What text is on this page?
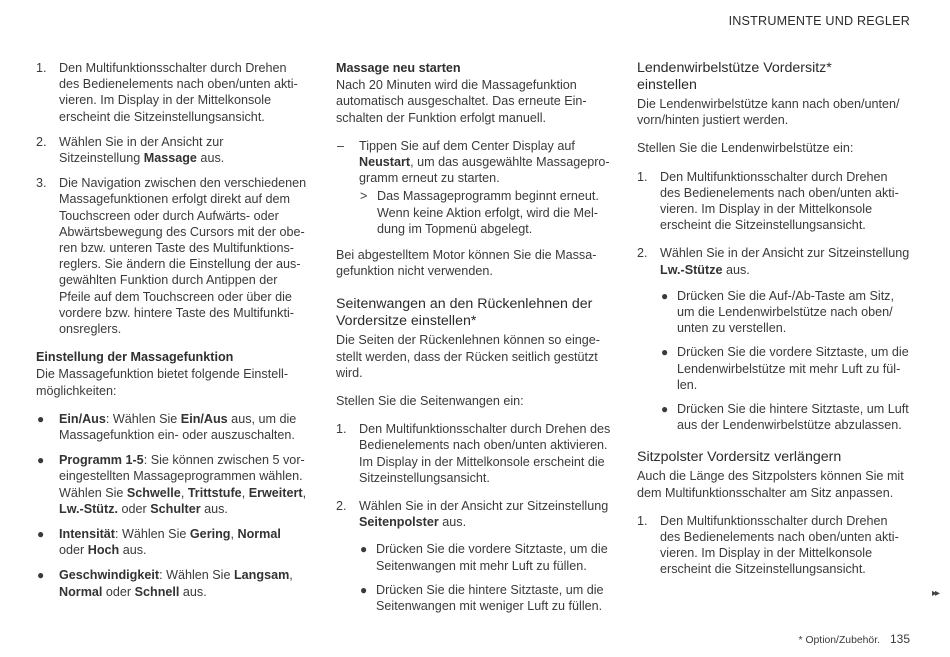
INSTRUMENTE UND REGLER
1. Den Multifunktionsschalter durch Drehen des Bedienelements nach oben/unten aktivieren. Im Display in der Mittelkonsole erscheint die Sitzeinstellungsansicht.
2. Wählen Sie in der Ansicht zur Sitzeinstellung Massage aus.
3. Die Navigation zwischen den verschiedenen Massagefunktionen erfolgt direkt auf dem Touchscreen oder durch Aufwärts- oder Abwärtsbewegung des Cursors mit der oberen bzw. unteren Taste des Multifunktionsreglers. Sie ändern die Einstellung der ausgewählten Funktion durch Antippen der Pfeile auf dem Touchscreen oder über die vordere bzw. hintere Taste des Multifunktionsreglers.
Einstellung der Massagefunktion

Die Massagefunktion bietet folgende Einstellmöglichkeiten:

● Ein/Aus: Wählen Sie Ein/Aus aus, um die Massagefunktion ein- oder auszuschalten.
● Programm 1-5: Sie können zwischen 5 voreingestellten Massageprogrammen wählen. Wählen Sie Schwelle, Trittstufe, Erweitert, Lw.-Stütz. oder Schulter aus.
● Intensität: Wählen Sie Gering, Normal oder Hoch aus.
● Geschwindigkeit: Wählen Sie Langsam, Normal oder Schnell aus.
Massage neu starten

Nach 20 Minuten wird die Massagefunktion automatisch ausgeschaltet. Das erneute Einschalten der Funktion erfolgt manuell.

– Tippen Sie auf dem Center Display auf Neustart, um das ausgewählte Massageprogramm erneut zu starten.
> Das Massageprogramm beginnt erneut. Wenn keine Aktion erfolgt, wird die Meldung im Topmenü abgelegt.

Bei abgestelltem Motor können Sie die Massagefunktion nicht verwenden.

Seitenwangen an den Rückenlehnen der Vordersitze einstellen*

Die Seiten der Rückenlehnen können so eingestellt werden, dass der Rücken seitlich gestützt wird.

Stellen Sie die Seitenwangen ein:

1. Den Multifunktionsschalter durch Drehen des Bedienelements nach oben/unten aktivieren. Im Display in der Mittelkonsole erscheint die Sitzeinstellungsansicht.
2. Wählen Sie in der Ansicht zur Sitzeinstellung Seitenpolster aus.
● Drücken Sie die vordere Sitztaste, um die Seitenwangen mit mehr Luft zu füllen.
● Drücken Sie die hintere Sitztaste, um die Seitenwangen mit weniger Luft zu füllen.
Lendenwirbelstütze Vordersitz* einstellen

Die Lendenwirbelstütze kann nach oben/unten/ vorn/hinten justiert werden.

Stellen Sie die Lendenwirbelstütze ein:

1. Den Multifunktionsschalter durch Drehen des Bedienelements nach oben/unten aktivieren. Im Display in der Mittelkonsole erscheint die Sitzeinstellungsansicht.
2. Wählen Sie in der Ansicht zur Sitzeinstellung Lw.-Stütze aus.
● Drücken Sie die Auf-/Ab-Taste am Sitz, um die Lendenwirbelstütze nach oben/ unten zu verstellen.
● Drücken Sie die vordere Sitztaste, um die Lendenwirbelstütze mit mehr Luft zu füllen.
● Drücken Sie die hintere Sitztaste, um Luft aus der Lendenwirbelstütze abzulassen.
Sitzpolster Vordersitz verlängern

Auch die Länge des Sitzpolsters können Sie mit dem Multifunktionsschalter am Sitz anpassen.

1. Den Multifunktionsschalter durch Drehen des Bedienelements nach oben/unten aktivieren. Im Display in der Mittelkonsole erscheint die Sitzeinstellungsansicht.
▸▸
* Option/Zubehör. 135
